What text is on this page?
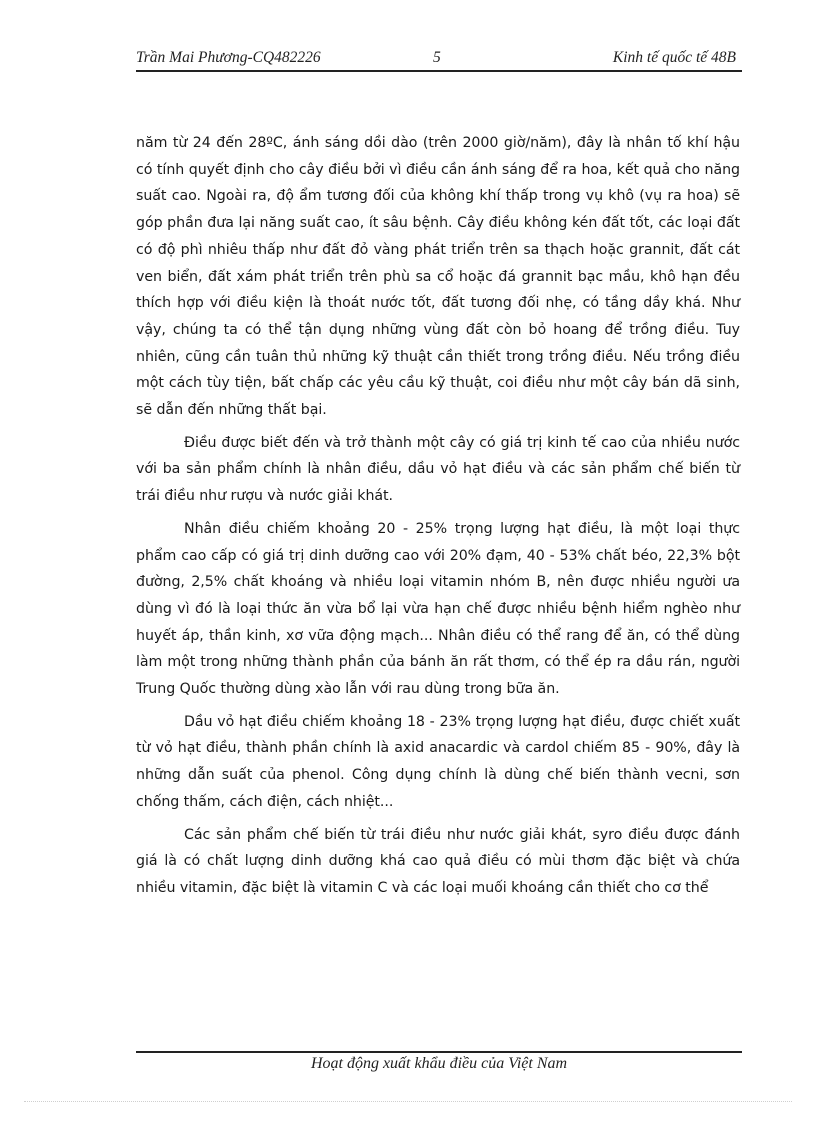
Trần Mai Phương-CQ482226	5	Kinh tế quốc tế 48B

năm từ 24 đến 28ºC, ánh sáng dồi dào (trên 2000 giờ/năm), đây là nhân tố khí hậu có tính quyết định cho cây điều bởi vì điều cần ánh sáng để ra hoa, kết quả cho năng suất cao. Ngoài ra, độ ẩm tương đối của không khí thấp trong vụ khô (vụ ra hoa) sẽ góp phần đưa lại năng suất cao, ít sâu bệnh. Cây điều không kén đất tốt, các loại đất có độ phì nhiêu thấp như đất đỏ vàng phát triển trên sa thạch hoặc grannit, đất cát ven biển, đất xám phát triển trên phù sa cổ hoặc đá grannit bạc mầu, khô hạn đều thích hợp với điều kiện là thoát nước tốt, đất tương đối nhẹ, có tầng dầy khá. Như vậy, chúng ta có thể tận dụng những vùng đất còn bỏ hoang để trồng điều. Tuy nhiên, cũng cần tuân thủ những kỹ thuật cần thiết trong trồng điều. Nếu trồng điều một cách tùy tiện, bất chấp các yêu cầu kỹ thuật, coi điều như một cây bán dã sinh, sẽ dẫn đến những thất bại.

Điều được biết đến và trở thành một cây có giá trị kinh tế cao của nhiều nước với ba sản phẩm chính là nhân điều, dầu vỏ hạt điều và các sản phẩm chế biến từ trái điều như rượu và nước giải khát.

Nhân điều chiếm khoảng 20 - 25% trọng lượng hạt điều, là một loại thực phẩm cao cấp có giá trị dinh dưỡng cao với 20% đạm, 40 - 53% chất béo, 22,3% bột đường, 2,5% chất khoáng và nhiều loại vitamin nhóm B, nên được nhiều người ưa dùng vì đó là loại thức ăn vừa bổ lại vừa hạn chế được nhiều bệnh hiểm nghèo như huyết áp, thần kinh, xơ vữa động mạch... Nhân điều có thể rang để ăn, có thể dùng làm một trong những thành phần của bánh ăn rất thơm, có thể ép ra dầu rán, người Trung Quốc thường dùng xào lẫn với rau dùng trong bữa ăn.

Dầu vỏ hạt điều chiếm khoảng 18 - 23% trọng lượng hạt điều, được chiết xuất từ vỏ hạt điều, thành phần chính là axid anacardic và cardol chiếm 85 - 90%, đây là những dẫn suất của phenol. Công dụng chính là dùng chế biến thành vecni, sơn chống thấm, cách điện, cách nhiệt...

Các sản phẩm chế biến từ trái điều như nước giải khát, syro điều được đánh giá là có chất lượng dinh dưỡng khá cao quả điều có mùi thơm đặc biệt và chứa nhiều vitamin, đặc biệt là vitamin C và các loại muối khoáng cần thiết cho cơ thể

Hoạt động xuất khẩu điều của Việt Nam
